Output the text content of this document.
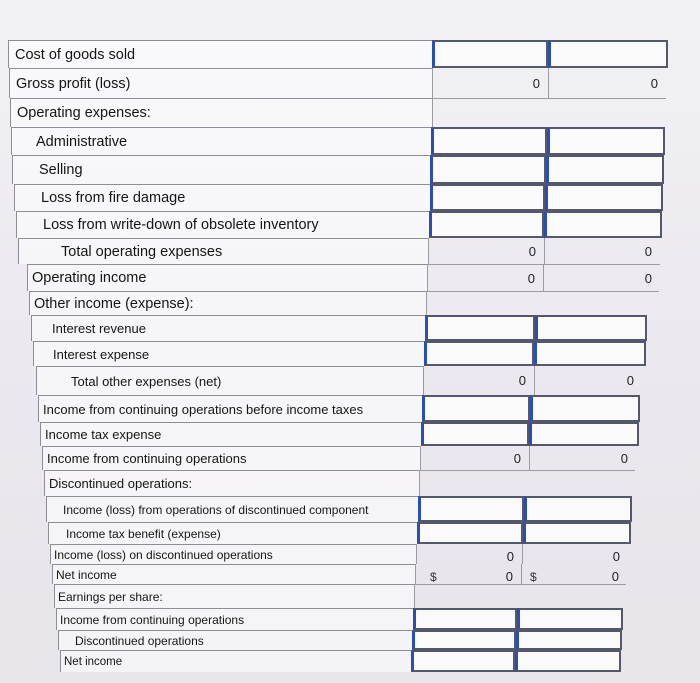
Cost of goods sold
Gross profit (loss)	0	0
Operating expenses:
Administrative
Selling
Loss from fire damage
Loss from write-down of obsolete inventory
Total operating expenses	0	0
Operating income	0	0
Other income (expense):
Interest revenue
Interest expense
Total other expenses (net)	0	0
Income from continuing operations before income taxes
Income tax expense
Income from continuing operations	0	0
Discontinued operations:
Income (loss) from operations of discontinued component
Income tax benefit (expense)
Income (loss) on discontinued operations	0	0
Net income	$	0 $	0
Earnings per share:
Income from continuing operations
Discontinued operations
Net income
